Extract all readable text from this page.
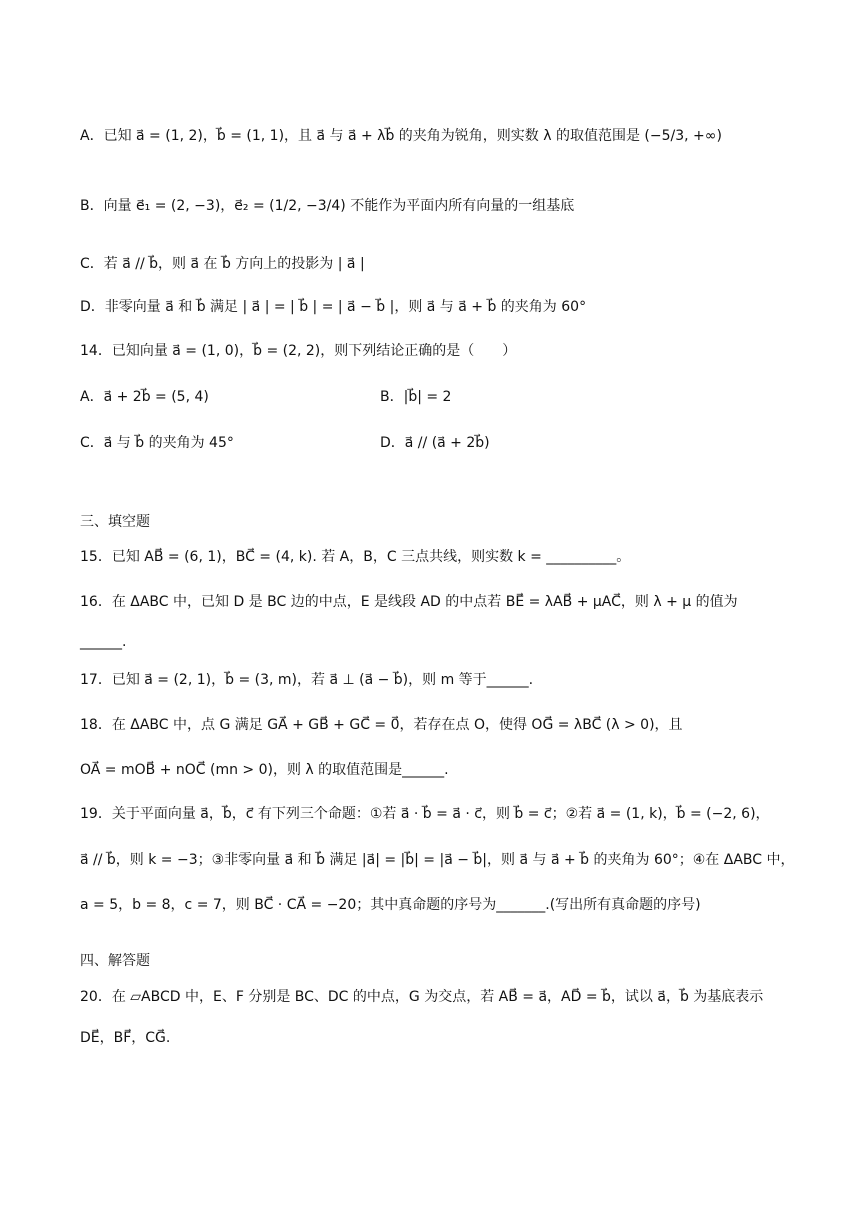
A．已知 a⃗ = (1, 2)，b⃗ = (1, 1)，且 a⃗ 与 a⃗ + λb⃗ 的夹角为锐角，则实数 λ 的取值范围是 (−5/3, +∞)
B．向量 e⃗₁ = (2, −3)，e⃗₂ = (1/2, −3/4) 不能作为平面内所有向量的一组基底
C．若 a⃗ // b⃗，则 a⃗ 在 b⃗ 方向上的投影为 | a⃗ |
D．非零向量 a⃗ 和 b⃗ 满足 | a⃗ | = | b⃗ | = | a⃗ − b⃗ |，则 a⃗ 与 a⃗ + b⃗ 的夹角为 60°
14．已知向量 a⃗ = (1, 0)，b⃗ = (2, 2)，则下列结论正确的是（　　）
A．a⃗ + 2b⃗ = (5, 4)	B．|b⃗| = 2
C．a⃗ 与 b⃗ 的夹角为 45°	D．a⃗ // (a⃗ + 2b⃗)
三、填空题
15．已知 AB⃗ = (6, 1)，BC⃗ = (4, k). 若 A，B，C 三点共线，则实数 k = __________。
16．在 ΔABC 中，已知 D 是 BC 边的中点，E 是线段 AD 的中点若 BE⃗ = λAB⃗ + μAC⃗，则 λ + μ 的值为
______.
17．已知 a⃗ = (2, 1)，b⃗ = (3, m)，若 a⃗ ⊥ (a⃗ − b⃗)，则 m 等于______.
18．在 ΔABC 中，点 G 满足 GA⃗ + GB⃗ + GC⃗ = 0⃗，若存在点 O，使得 OG⃗ = λBC⃗ (λ > 0)，且
OA⃗ = mOB⃗ + nOC⃗ (mn > 0)，则 λ 的取值范围是______.
19．关于平面向量 a⃗，b⃗，c⃗ 有下列三个命题：①若 a⃗ · b⃗ = a⃗ · c⃗，则 b⃗ = c⃗；②若 a⃗ = (1, k)，b⃗ = (−2, 6)，
a⃗ // b⃗，则 k = −3；③非零向量 a⃗ 和 b⃗ 满足 |a⃗| = |b⃗| = |a⃗ − b⃗|，则 a⃗ 与 a⃗ + b⃗ 的夹角为 60°；④在 ΔABC 中，
a = 5，b = 8，c = 7，则 BC⃗ · CA⃗ = −20；其中真命题的序号为_______.(写出所有真命题的序号)
四、解答题
20．在 ▱ABCD 中，E、F 分别是 BC、DC 的中点，G 为交点，若 AB⃗ = a⃗，AD⃗ = b⃗，试以 a⃗，b⃗ 为基底表示
DE⃗，BF⃗，CG⃗.
